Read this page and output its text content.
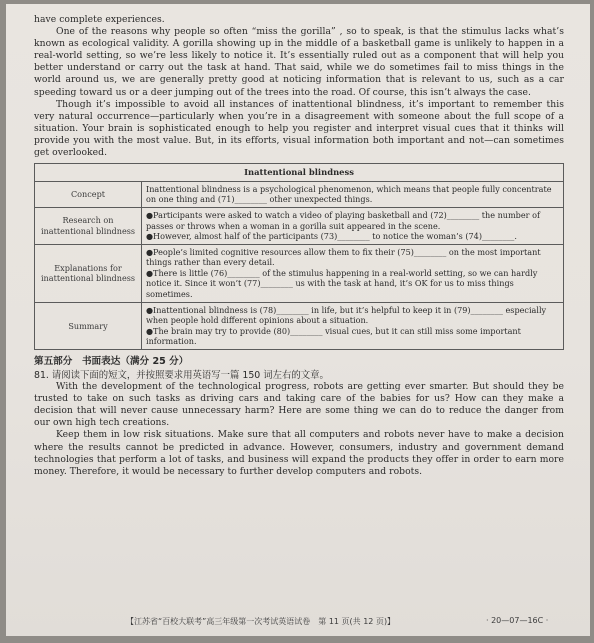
have complete experiences.

One of the reasons why people so often “miss the gorilla” , so to speak, is that the stimulus lacks what’s known as ecological validity. A gorilla showing up in the middle of a basketball game is unlikely to happen in a real-world setting, so we’re less likely to notice it. It’s essentially ruled out as a component that will help you better understand or carry out the task at hand. That said, while we do sometimes fail to miss things in the world around us, we are generally pretty good at noticing information that is relevant to us, such as a car speeding toward us or a deer jumping out of the trees into the road. Of course, this isn’t always the case.

Though it’s impossible to avoid all instances of inattentional blindness, it’s important to remember this very natural occurrence—particularly when you’re in a disagreement with someone about the full scope of a situation. Your brain is sophisticated enough to help you register and interpret visual cues that it thinks will provide you with the most value. But, in its efforts, visual information both important and not—can sometimes get overlooked.

Inattentional blindness	
Concept	Inattentional blindness is a psychological phenomenon, which means that people fully concentrate on one thing and (71)________ other unexpected things.

Research on inattentional blindness	●Participants were asked to watch a video of playing basketball and (72)________ the number of passes or throws when a woman in a gorilla suit appeared in the scene.
●However, almost half of the participants (73)________ to notice the woman’s (74)________.

Explanations for inattentional blindness	●People’s limited cognitive resources allow them to fix their (75)________ on the most important things rather than every detail.
●There is little (76)________ of the stimulus happening in a real-world setting, so we can hardly notice it. Since it won’t (77)________ us with the task at hand, it’s OK for us to miss things sometimes.

Summary	●Inattentional blindness is (78)________ in life, but it’s helpful to keep it in (79)________ especially when people hold different opinions about a situation.
●The brain may try to provide (80)________ visual cues, but it can still miss some important information.
第五部分　书面表达（满分 25 分）
81. 请阅读下面的短文，并按照要求用英语写一篇 150 词左右的文章。

With the development of the technological progress, robots are getting ever smarter. But should they be trusted to take on such tasks as driving cars and taking care of the babies for us? How can they make a decision that will never cause unnecessary harm? Here are some thing we can do to reduce the danger from our own high tech creations.

Keep them in low risk situations. Make sure that all computers and robots never have to make a decision where the results cannot be predicted in advance. However, consumers, industry and government demand technologies that perform a lot of tasks, and business will expand the products they offer in order to earn more money. Therefore, it would be necessary to further develop computers and robots.

【江苏省“百校大联考”高三年级第一次考试英语试卷　第 11 页(共 12 页)】	· 20—07—16C ·
